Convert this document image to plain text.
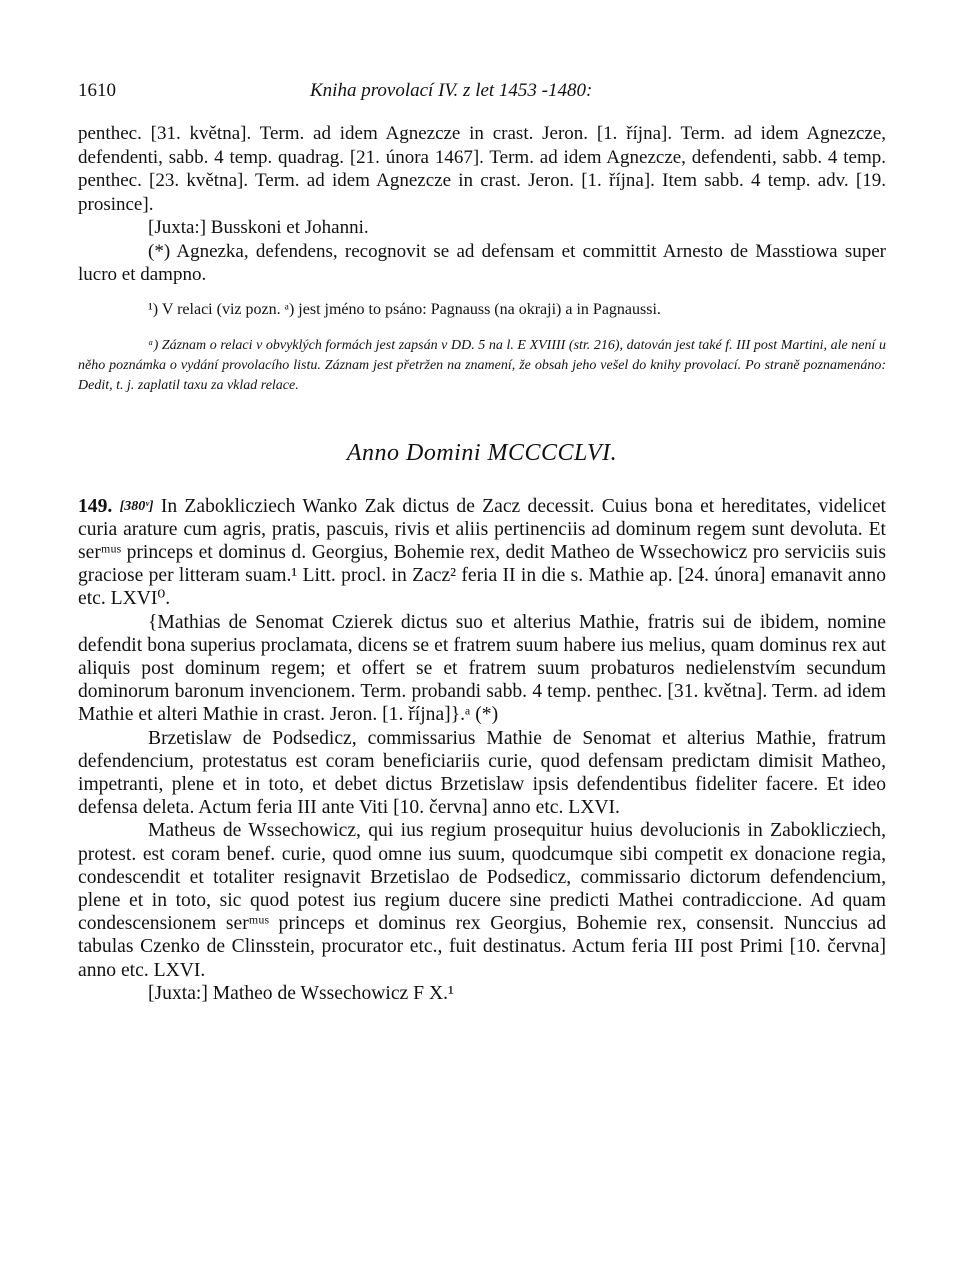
1610	Kniha provolací IV. z let 1453 -1480:

penthec. [31. května]. Term. ad idem Agnezcze in crast. Jeron. [1. října]. Term. ad idem Agnezcze, defendenti, sabb. 4 temp. quadrag. [21. února 1467]. Term. ad idem Agnezcze, defendenti, sabb. 4 temp. penthec. [23. května]. Term. ad idem Agnezcze in crast. Jeron. [1. října]. Item sabb. 4 temp. adv. [19. prosince].

[Juxta:] Busskoni et Johanni.

(*) Agnezka, defendens, recognovit se ad defensam et committit Arnesto de Masstiowa super lucro et dampno.

¹) V relaci (viz pozn. ᵃ) jest jméno to psáno: Pagnauss (na okraji) a in Pagnaussi.

ᵃ) Záznam o relaci v obvyklých formách jest zapsán v DD. 5 na l. E XVIIII (str. 216), datován jest také f. III post Martini, ale není u něho poznámka o vydání provolacího listu. Záznam jest přetržen na znamení, že obsah jeho vešel do knihy provolací. Po straně poznamenáno: Dedit, t. j. zaplatil taxu za vklad relace.

Anno Domini MCCCCLVI.

149. [380ᵛ] In Zaboklicziech Wanko Zak dictus de Zacz decessit. Cuius bona et hereditates, videlicet curia arature cum agris, pratis, pascuis, rivis et aliis pertinenciis ad dominum regem sunt devoluta. Et serᵐᵘˢ princeps et dominus d. Georgius, Bohemie rex, dedit Matheo de Wssechowicz pro serviciis suis graciose per litteram suam.¹ Litt. procl. in Zacz² feria II in die s. Mathie ap. [24. února] emanavit anno etc. LXVI⁰.

{Mathias de Senomat Czierek dictus suo et alterius Mathie, fratris sui de ibidem, nomine defendit bona superius proclamata, dicens se et fratrem suum habere ius melius, quam dominus rex aut aliquis post dominum regem; et offert se et fratrem suum probaturos nedielenstvím secundum dominorum baronum invencionem. Term. probandi sabb. 4 temp. penthec. [31. května]. Term. ad idem Mathie et alteri Mathie in crast. Jeron. [1. října]}.ᵃ (*)

Brzetislaw de Podsedicz, commissarius Mathie de Senomat et alterius Mathie, fratrum defendencium, protestatus est coram beneficiariis curie, quod defensam predictam dimisit Matheo, impetranti, plene et in toto, et debet dictus Brzetislaw ipsis defendentibus fideliter facere. Et ideo defensa deleta. Actum feria III ante Viti [10. června] anno etc. LXVI.

Matheus de Wssechowicz, qui ius regium prosequitur huius devolucionis in Zaboklicziech, protest. est coram benef. curie, quod omne ius suum, quodcumque sibi competit ex donacione regia, condescendit et totaliter resignavit Brzetislao de Podsedicz, commissario dictorum defendencium, plene et in toto, sic quod potest ius regium ducere sine predicti Mathei contradiccione. Ad quam condescensionem serᵐᵘˢ princeps et dominus rex Georgius, Bohemie rex, consensit. Nunccius ad tabulas Czenko de Clinsstein, procurator etc., fuit destinatus. Actum feria III post Primi [10. června] anno etc. LXVI.

[Juxta:] Matheo de Wssechowicz F X.¹
